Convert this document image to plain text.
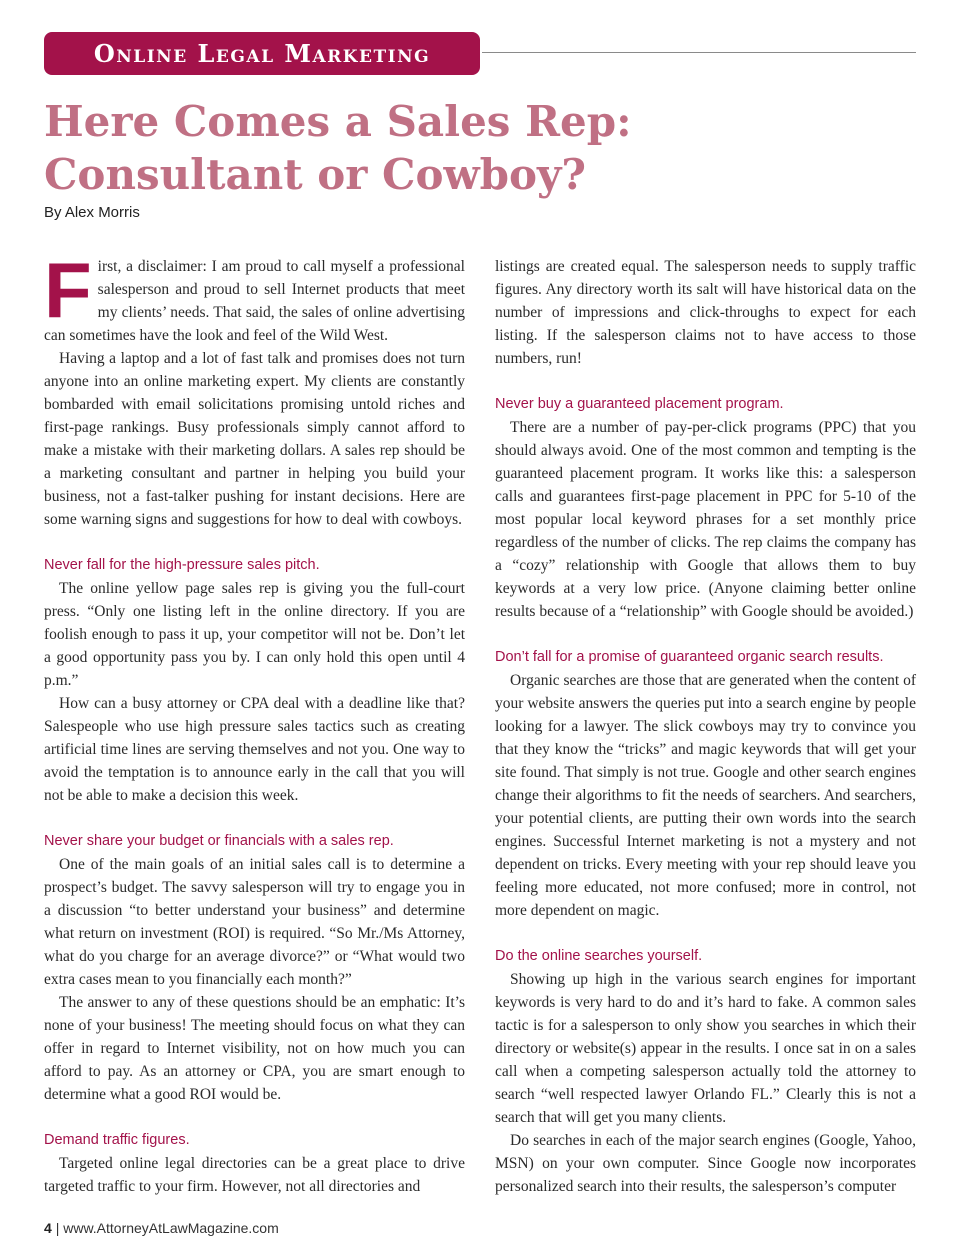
Online Legal Marketing
Here Comes a Sales Rep:
Consultant or Cowboy?
By Alex Morris

First, a disclaimer: I am proud to call myself a professional salesperson and proud to sell Internet products that meet my clients’ needs. That said, the sales of online advertising can sometimes have the look and feel of the Wild West.

Having a laptop and a lot of fast talk and promises does not turn anyone into an online marketing expert. My clients are constantly bombarded with email solicitations promising untold riches and first-page rankings. Busy professionals simply cannot afford to make a mistake with their marketing dollars. A sales rep should be a marketing consultant and partner in helping you build your business, not a fast-talker pushing for instant decisions. Here are some warning signs and suggestions for how to deal with cowboys.

Never fall for the high-pressure sales pitch.

The online yellow page sales rep is giving you the full-court press. “Only one listing left in the online directory. If you are foolish enough to pass it up, your competitor will not be. Don’t let a good opportunity pass you by. I can only hold this open until 4 p.m.”

How can a busy attorney or CPA deal with a deadline like that? Salespeople who use high pressure sales tactics such as creating artificial time lines are serving themselves and not you. One way to avoid the temptation is to announce early in the call that you will not be able to make a decision this week.

Never share your budget or financials with a sales rep.

One of the main goals of an initial sales call is to determine a prospect’s budget. The savvy salesperson will try to engage you in a discussion “to better understand your business” and determine what return on investment (ROI) is required. “So Mr./Ms Attorney, what do you charge for an average divorce?” or “What would two extra cases mean to you financially each month?”

The answer to any of these questions should be an emphatic: It’s none of your business! The meeting should focus on what they can offer in regard to Internet visibility, not on how much you can afford to pay. As an attorney or CPA, you are smart enough to determine what a good ROI would be.

Demand traffic figures.

Targeted online legal directories can be a great place to drive targeted traffic to your firm. However, not all directories and

listings are created equal. The salesperson needs to supply traffic figures. Any directory worth its salt will have historical data on the number of impressions and click-throughs to expect for each listing. If the salesperson claims not to have access to those numbers, run!

Never buy a guaranteed placement program.

There are a number of pay-per-click programs (PPC) that you should always avoid. One of the most common and tempting is the guaranteed placement program. It works like this: a salesperson calls and guarantees first-page placement in PPC for 5-10 of the most popular local keyword phrases for a set monthly price regardless of the number of clicks. The rep claims the company has a “cozy” relationship with Google that allows them to buy keywords at a very low price. (Anyone claiming better online results because of a “relationship” with Google should be avoided.)

Don’t fall for a promise of guaranteed organic search results.

Organic searches are those that are generated when the content of your website answers the queries put into a search engine by people looking for a lawyer. The slick cowboys may try to convince you that they know the “tricks” and magic keywords that will get your site found. That simply is not true. Google and other search engines change their algorithms to fit the needs of searchers. And searchers, your potential clients, are putting their own words into the search engines. Successful Internet marketing is not a mystery and not dependent on tricks. Every meeting with your rep should leave you feeling more educated, not more confused; more in control, not more dependent on magic.

Do the online searches yourself.

Showing up high in the various search engines for important keywords is very hard to do and it’s hard to fake. A common sales tactic is for a salesperson to only show you searches in which their directory or website(s) appear in the results. I once sat in on a sales call when a competing salesperson actually told the attorney to search “well respected lawyer Orlando FL.” Clearly this is not a search that will get you many clients.

Do searches in each of the major search engines (Google, Yahoo, MSN) on your own computer. Since Google now incorporates personalized search into their results, the salesperson’s computer

4 | www.AttorneyAtLawMagazine.com
